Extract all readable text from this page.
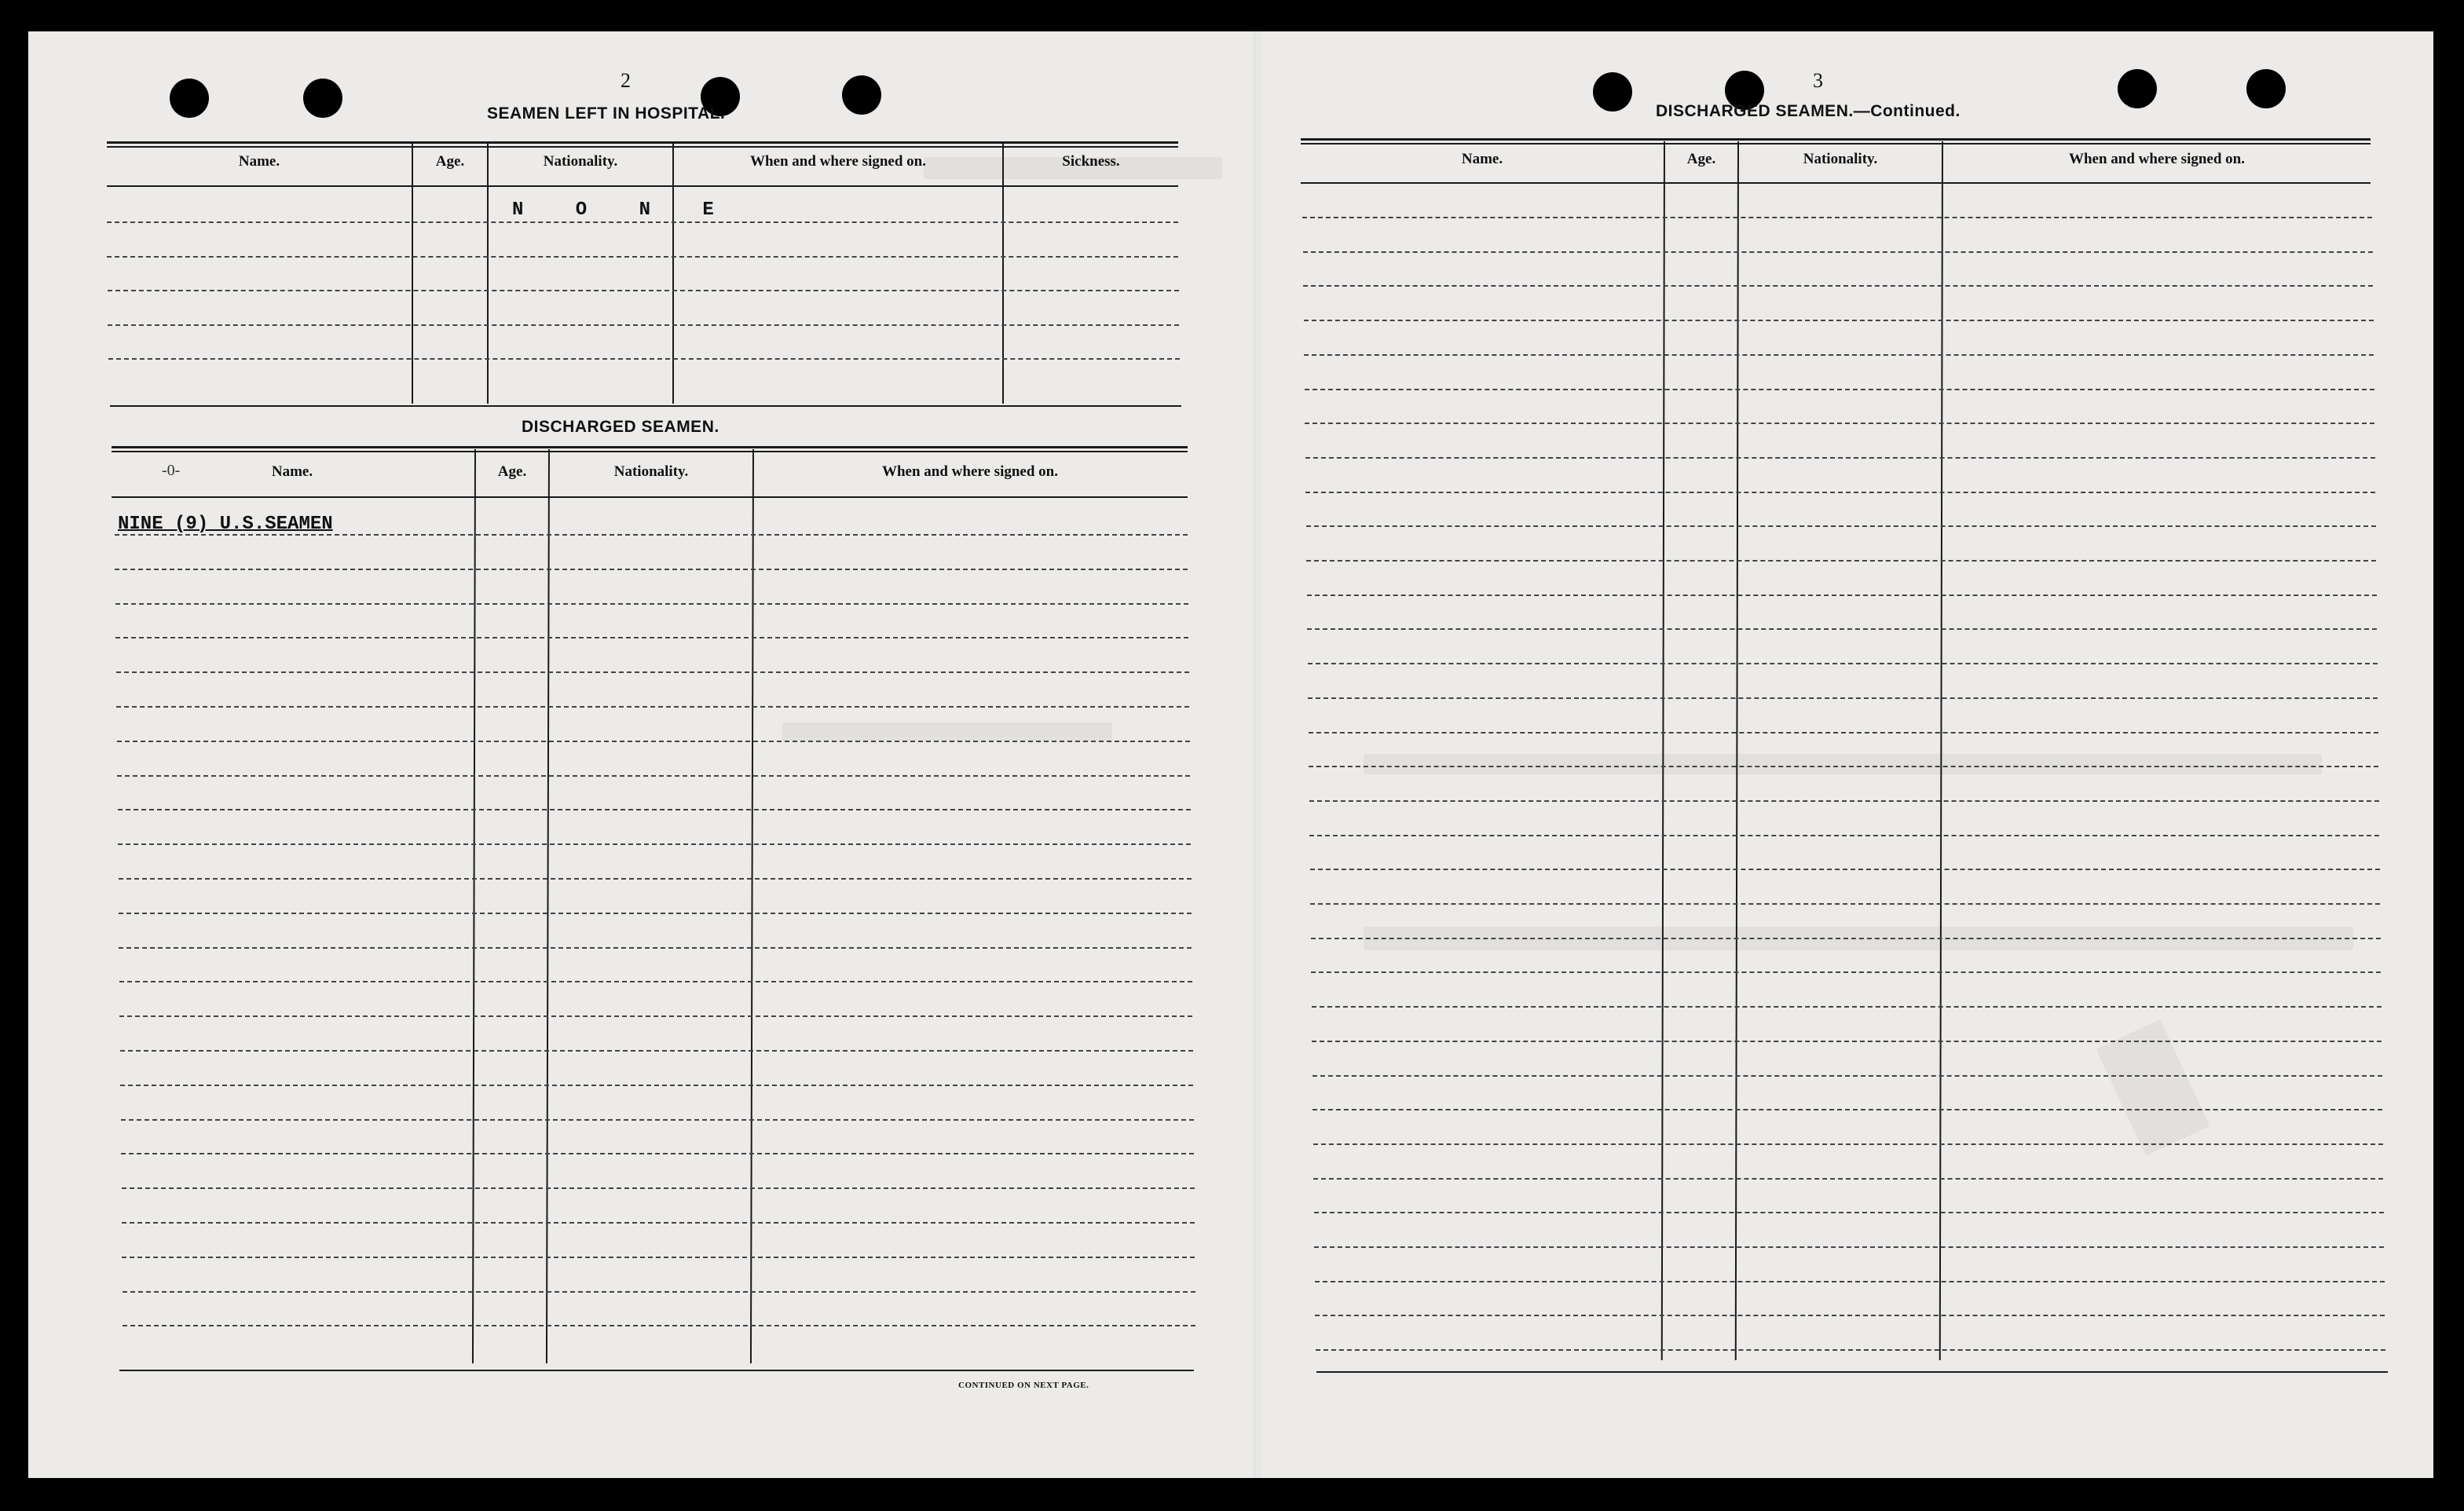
2
SEAMEN LEFT IN HOSPITAL.
Name.	Age.	Nationality.	When and where signed on.	Sickness.
N O N E
DISCHARGED SEAMEN.
-0-	Name.	Age.	Nationality.	When and where signed on.
NINE (9) U.S.SEAMEN
CONTINUED ON NEXT PAGE.
3
DISCHARGED SEAMEN.—Continued.
Name.	Age.	Nationality.	When and where signed on.
